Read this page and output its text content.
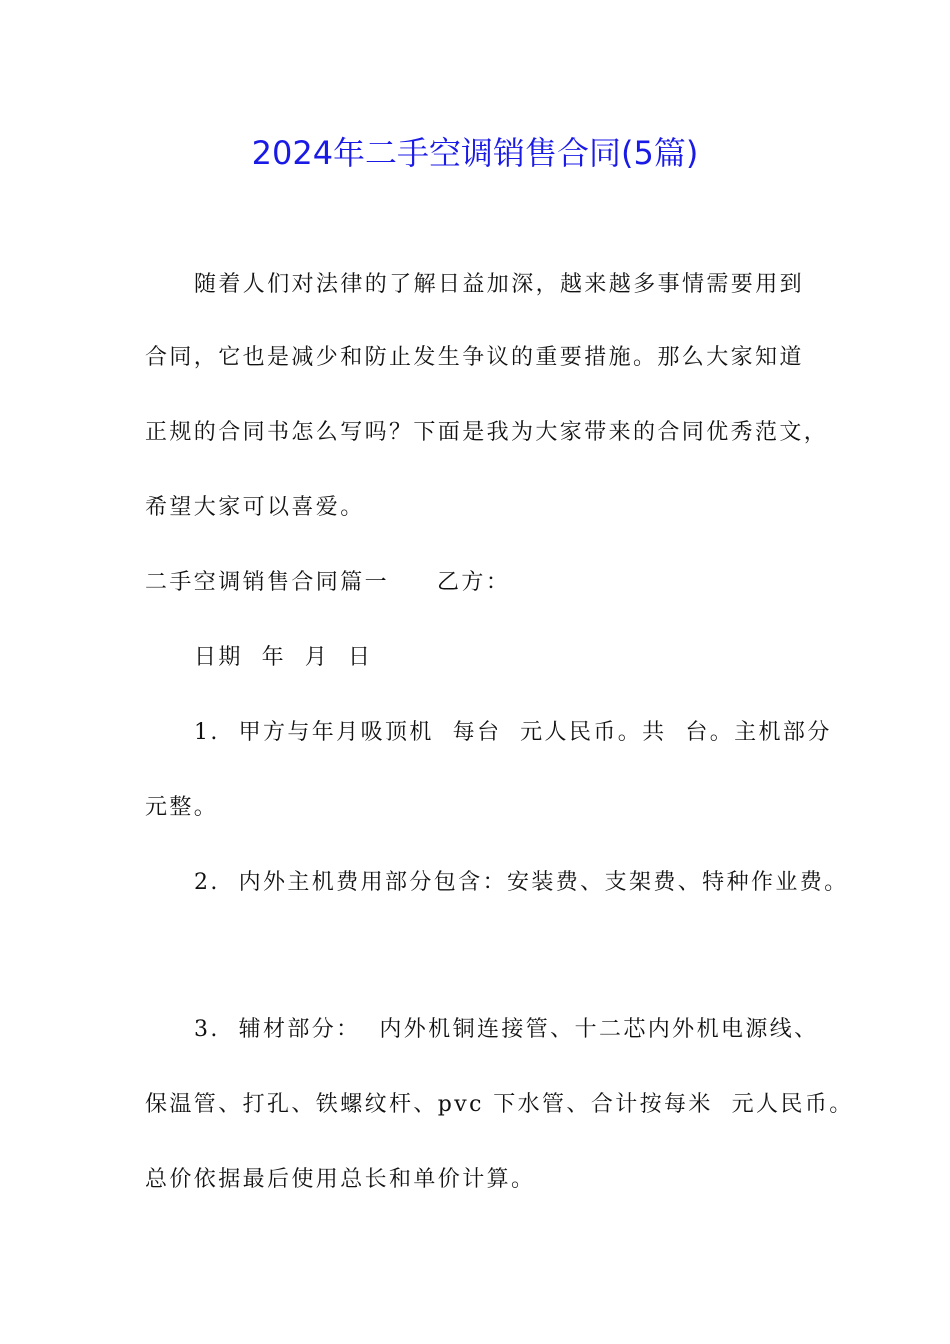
2024年二手空调销售合同(5篇)

随着人们对法律的了解日益加深，越来越多事情需要用到

合同，它也是减少和防止发生争议的重要措施。那么大家知道

正规的合同书怎么写吗？下面是我为大家带来的合同优秀范文，

希望大家可以喜爱。

二手空调销售合同篇一 乙方：

日期  年  月  日

1.  甲方与年月吸顶机  每台  元人民币。共  台。主机部分

元整。

2.  内外主机费用部分包含：安装费、支架费、特种作业费。

3.  辅材部分：  内外机铜连接管、十二芯内外机电源线、

保温管、打孔、铁螺纹杆、pvc 下水管、合计按每米  元人民币。

总价依据最后使用总长和单价计算。
